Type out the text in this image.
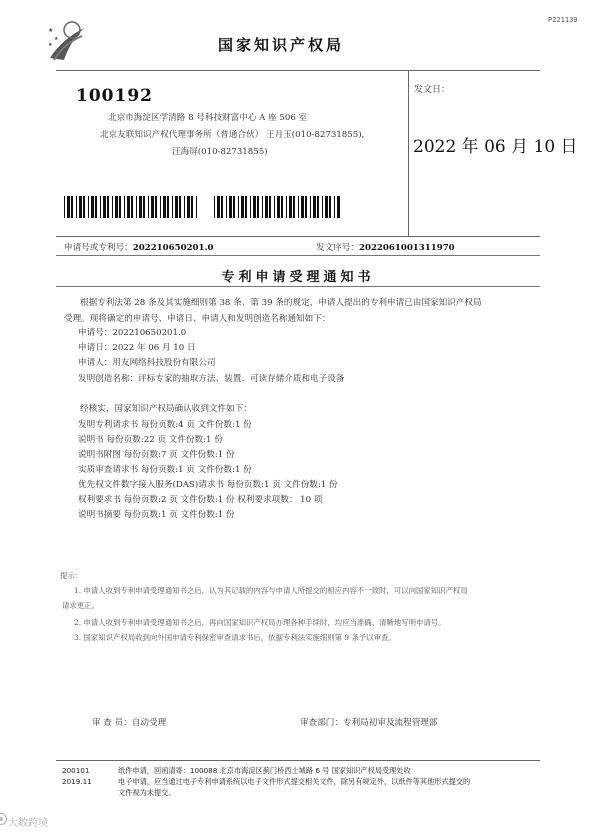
P221139
★
★
★	国家知识产权局
100192
北京市海淀区学清路 8 号科技财富中心 A 座 506 室
北京友联知识产权代理事务所（普通合伙） 王月玉(010-82731855),
汪海屏(010-82731855)
发文日：
2022 年 06 月 10 日
申请号或专利号：202210650201.0	发文序号：2022061001311970
专利申请受理通知书
根据专利法第 28 条及其实施细则第 38 条、第 39 条的规定，申请人提出的专利申请已由国家知识产权局
受理。现将确定的申请号、申请日、申请人和发明创造名称通知如下：
申请号：202210650201.0
申请日：2022 年 06 月 10 日
申请人：用友网络科技股份有限公司
发明创造名称：评标专家的抽取方法、装置、可读存储介质和电子设备
经核实，国家知识产权局确认收到文件如下：
发明专利请求书 每份页数:4 页 文件份数:1 份
说明书 每份页数:22 页 文件份数:1 份
说明书附图 每份页数:7 页 文件份数:1 份
实质审查请求书 每份页数:1 页 文件份数:1 份
优先权文件数字接入服务(DAS)请求书 每份页数:1 页 文件份数:1 份
权利要求书 每份页数:2 页 文件份数:1 份 权利要求项数： 10 项
说明书摘要 每份页数:1 页 文件份数:1 份
提示：
1. 申请人收到专利申请受理通知书之后，认为其记载的内容与申请人所提交的相应内容不一致时，可以向国家知识产权局
请求更正。
2. 申请人收到专利申请受理通知书之后，再向国家知识产权局办理各种手续时，均应当准确、清晰地写明申请号。
3. 国家知识产权局收到向外国申请专利保密审查请求书后，依据专利法实施细则第 9 条予以审查。
审 查 员：自动受理	审查部门：专利局初审及流程管理部
200101
2019.11
纸件申请，回函请寄：100088 北京市海淀区蓟门桥西土城路 6 号 国家知识产权局受理处收
电子申请，应当通过电子专利申请系统以电子文件形式提交相关文件，除另有规定外，以纸件等其他形式提交的
文件视为未提交。
大数跨境
